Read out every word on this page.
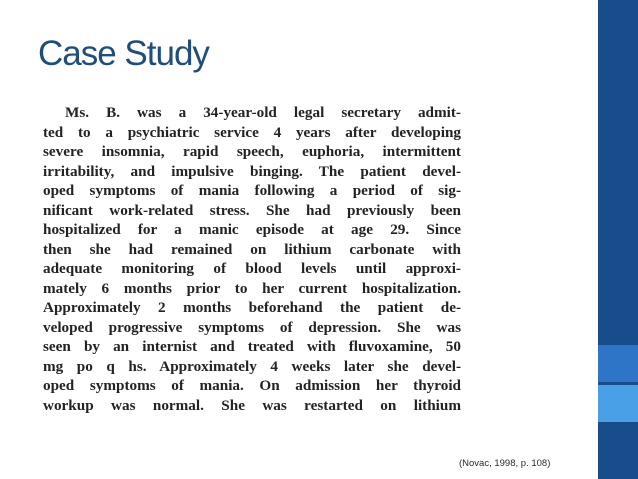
Case Study
Ms. B. was a 34-year-old legal secretary admit-
ted to a psychiatric service 4 years after developing
severe insomnia, rapid speech, euphoria, intermittent
irritability, and impulsive binging. The patient devel-
oped symptoms of mania following a period of sig-
nificant work-related stress. She had previously been
hospitalized for a manic episode at age 29. Since
then she had remained on lithium carbonate with
adequate monitoring of blood levels until approxi-
mately 6 months prior to her current hospitalization.
Approximately 2 months beforehand the patient de-
veloped progressive symptoms of depression. She was
seen by an internist and treated with fluvoxamine, 50
mg po q hs. Approximately 4 weeks later she devel-
oped symptoms of mania. On admission her thyroid
workup was normal. She was restarted on lithium
(Novac, 1998, p. 108)
